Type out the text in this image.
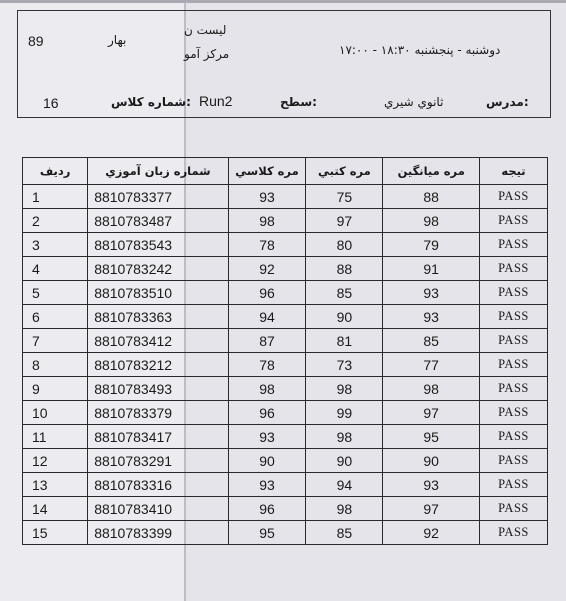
89	بهار
لیست ن
مرکز آمو	دوشنبه - پنجشنبه ۱۸:۳۰ - ۱۷:۰۰
16	شماره کلاس: Run2	سطح:	ثانوي شيري	مدرس:
ردیف	شماره زبان آموزي	مره کلاسي	مره کتبي	مره ميانگين	تيجه
1	8810783377	93	75	88	PASS
2	8810783487	98	97	98	PASS
3	8810783543	78	80	79	PASS
4	8810783242	92	88	91	PASS
5	8810783510	96	85	93	PASS
6	8810783363	94	90	93	PASS
7	8810783412	87	81	85	PASS
8	8810783212	78	73	77	PASS
9	8810783493	98	98	98	PASS
10	8810783379	96	99	97	PASS
11	8810783417	93	98	95	PASS
12	8810783291	90	90	90	PASS
13	8810783316	93	94	93	PASS
14	8810783410	96	98	97	PASS
15	8810783399	95	85	92	PASS
